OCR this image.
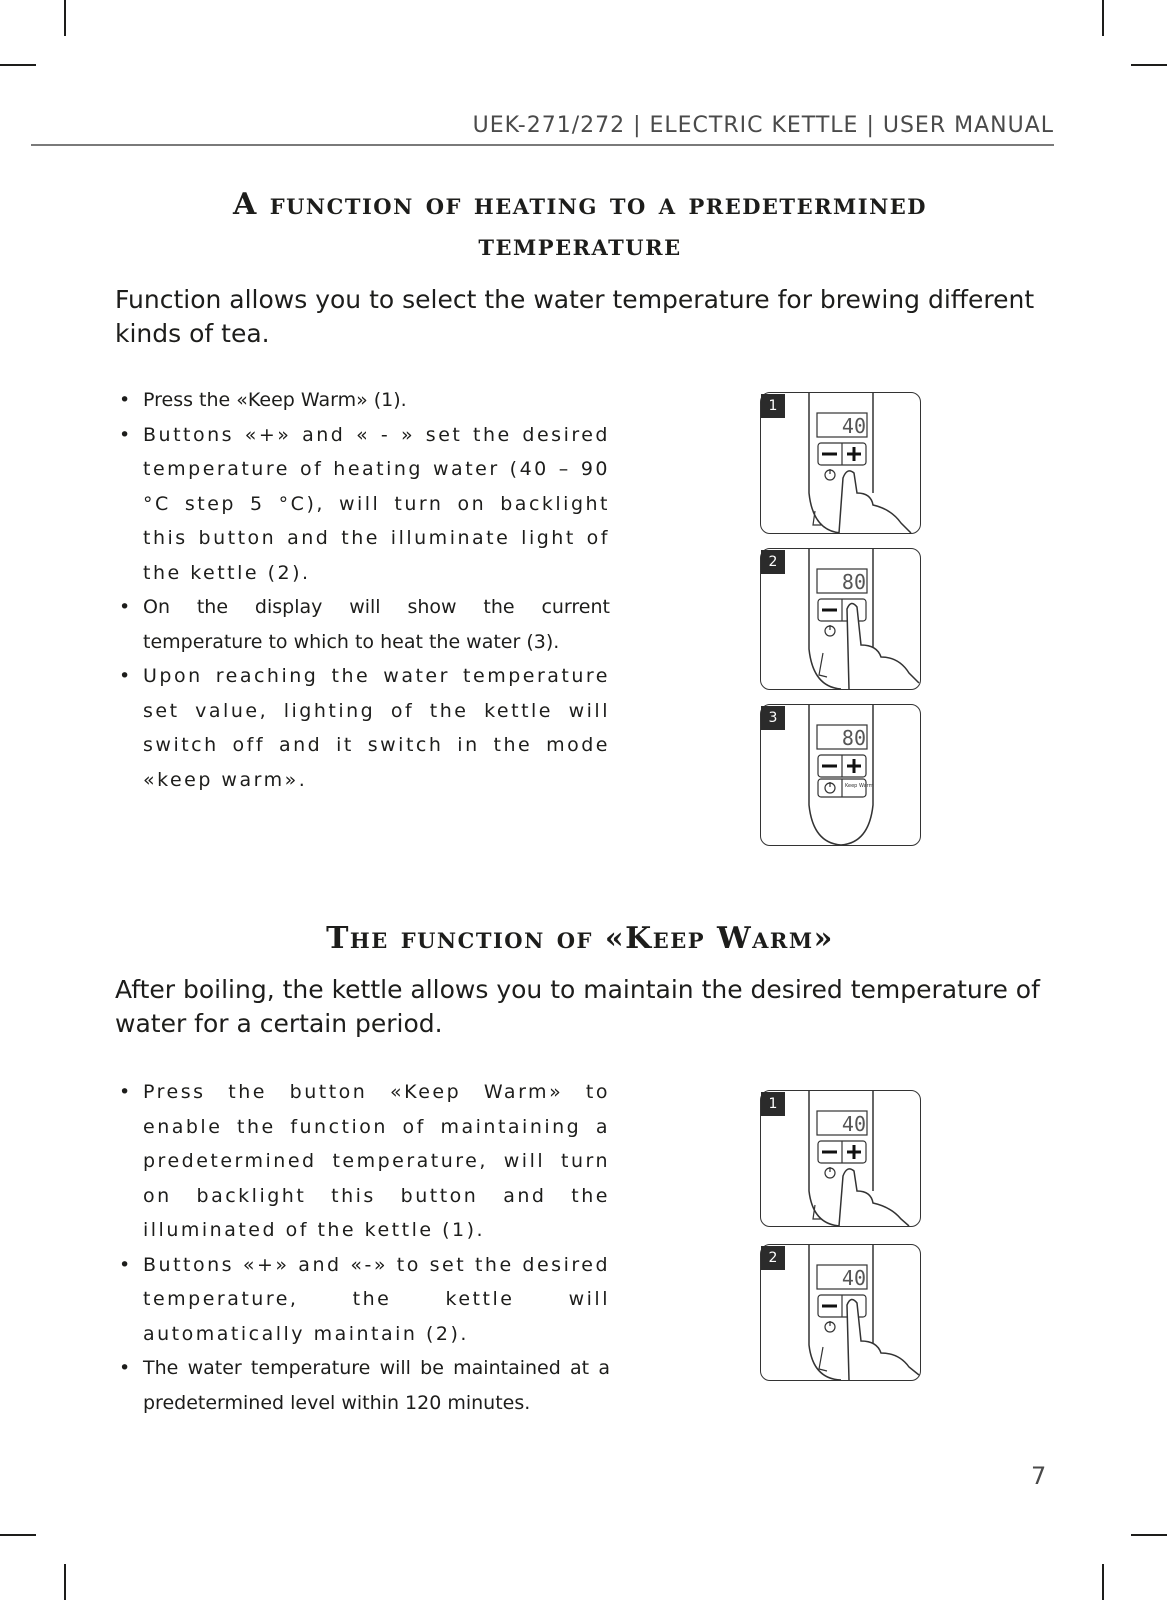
UEK-271/272 | ELECTRIC KETTLE | USER MANUAL
A function of heating to a predetermined
temperature
Function allows you to select the water temperature for brewing different kinds of tea.
• Press the «Keep Warm» (1).
• Buttons «+» and « - » set the desired temperature of heating water (40 – 90 °C step 5 °C), will turn on backlight this button and the illuminate light of the kettle (2).
• On the display will show the current temperature to which to heat the water (3).
• Upon reaching the water temperature set value, lighting of the kettle will switch off and it switch in the mode «keep warm».	Keep Warm
40
80
80
1
2
3
The function of «Keep Warm»
After boiling, the kettle allows you to maintain the desired temperature of water for a certain period.
• Press the button «Keep Warm» to enable the function of maintaining a predetermined temperature, will turn on backlight this button and the illuminated of the kettle (1).
• Buttons «+» and «-» to set the desired temperature, the kettle will automatically maintain (2).
• The water temperature will be maintained at a predetermined level within 120 minutes.
40
40
1
2
7
